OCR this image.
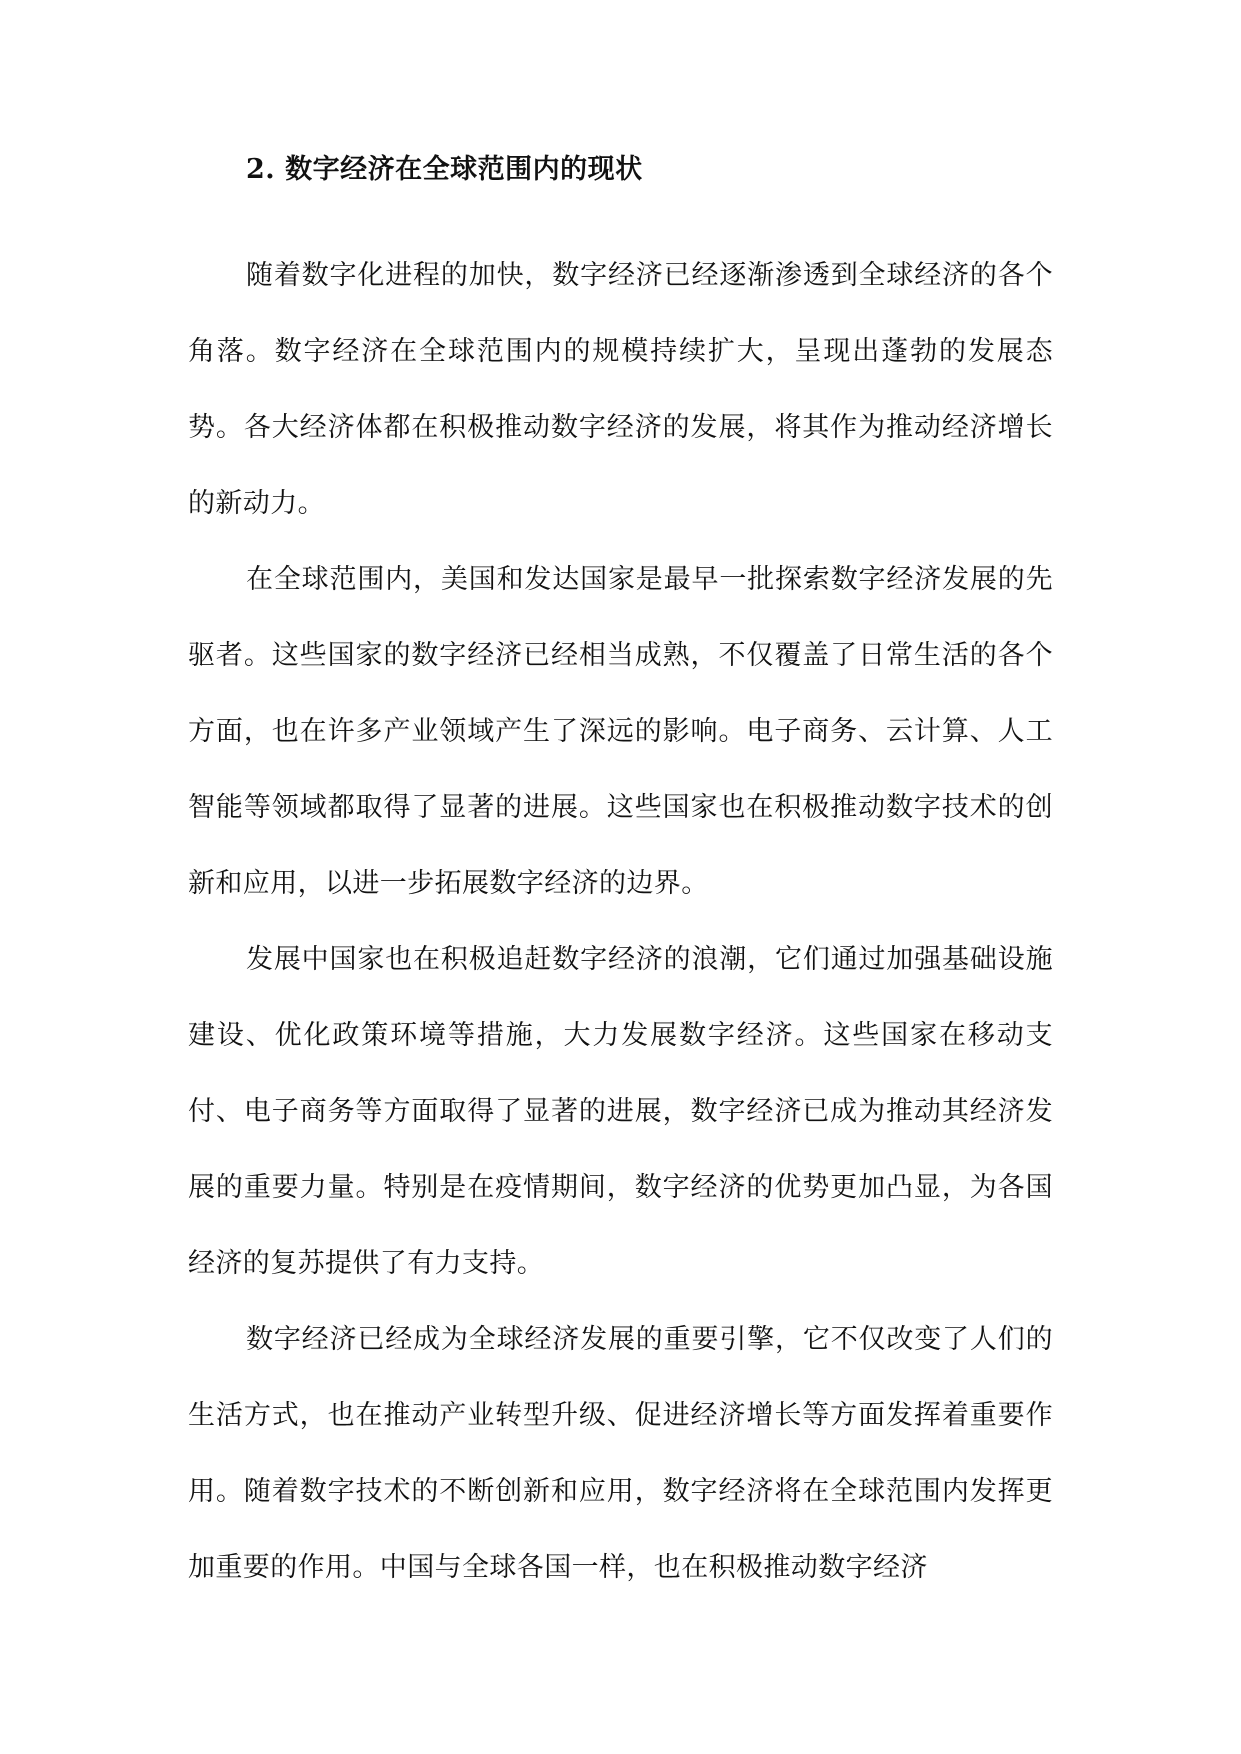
2. 数字经济在全球范围内的现状

随着数字化进程的加快，数字经济已经逐渐渗透到全球经济的各个角落。数字经济在全球范围内的规模持续扩大，呈现出蓬勃的发展态势。各大经济体都在积极推动数字经济的发展，将其作为推动经济增长的新动力。

在全球范围内，美国和发达国家是最早一批探索数字经济发展的先驱者。这些国家的数字经济已经相当成熟，不仅覆盖了日常生活的各个方面，也在许多产业领域产生了深远的影响。电子商务、云计算、人工智能等领域都取得了显著的进展。这些国家也在积极推动数字技术的创新和应用，以进一步拓展数字经济的边界。

发展中国家也在积极追赶数字经济的浪潮，它们通过加强基础设施建设、优化政策环境等措施，大力发展数字经济。这些国家在移动支付、电子商务等方面取得了显著的进展，数字经济已成为推动其经济发展的重要力量。特别是在疫情期间，数字经济的优势更加凸显，为各国经济的复苏提供了有力支持。

数字经济已经成为全球经济发展的重要引擎，它不仅改变了人们的生活方式，也在推动产业转型升级、促进经济增长等方面发挥着重要作用。随着数字技术的不断创新和应用，数字经济将在全球范围内发挥更加重要的作用。中国与全球各国一样，也在积极推动数字经济
